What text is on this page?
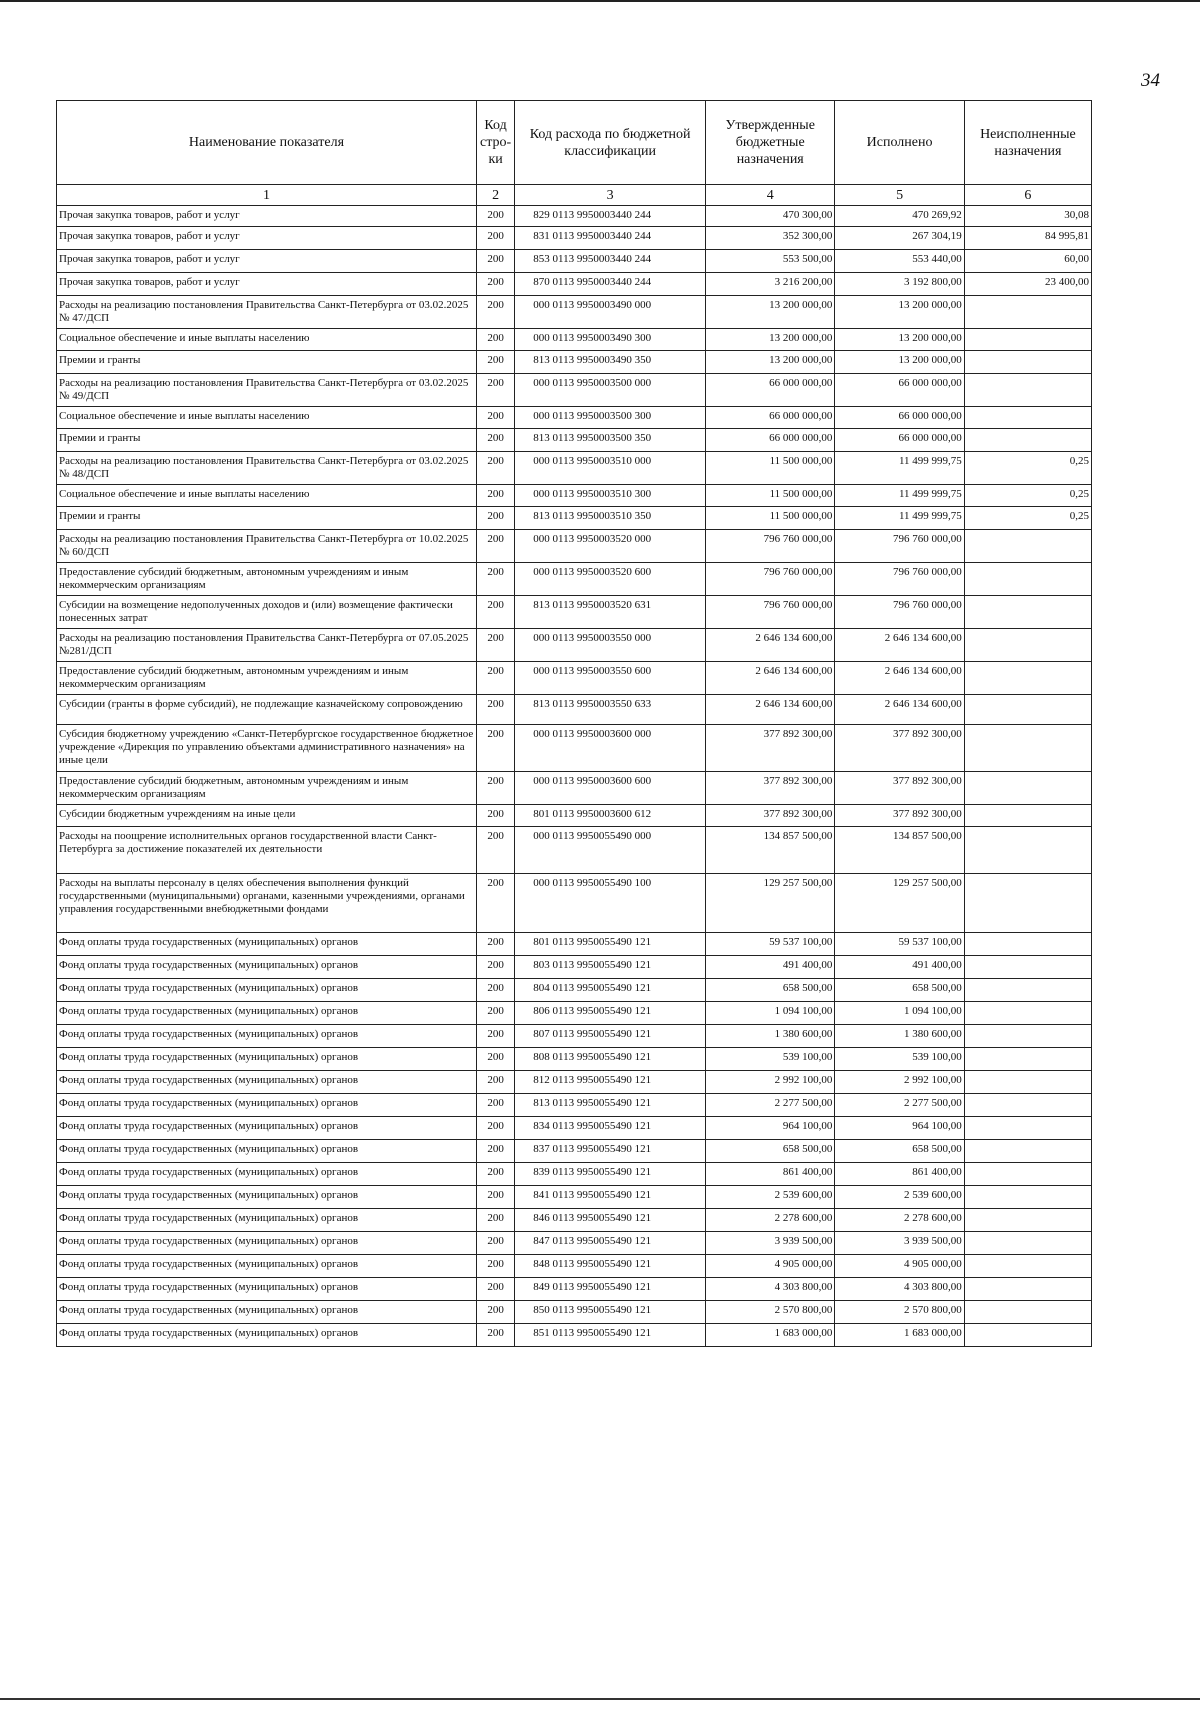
34
Наименование показателя	Код стро-ки	Код расхода по бюджетной классификации	Утвержденные бюджетные назначения	Исполнено	Неисполненные назначения
1	2	3	4	5	6
Прочая закупка товаров, работ и услуг	200	829 0113 9950003440 244	470 300,00	470 269,92	30,08
Прочая закупка товаров, работ и услуг	200	831 0113 9950003440 244	352 300,00	267 304,19	84 995,81
Прочая закупка товаров, работ и услуг	200	853 0113 9950003440 244	553 500,00	553 440,00	60,00
Прочая закупка товаров, работ и услуг	200	870 0113 9950003440 244	3 216 200,00	3 192 800,00	23 400,00
Расходы на реализацию постановления Правительства Санкт-Петербурга от 03.02.2025 № 47/ДСП	200	000 0113 9950003490 000	13 200 000,00	13 200 000,00	
Социальное обеспечение и иные выплаты населению	200	000 0113 9950003490 300	13 200 000,00	13 200 000,00	
Премии и гранты	200	813 0113 9950003490 350	13 200 000,00	13 200 000,00	
Расходы на реализацию постановления Правительства Санкт-Петербурга от 03.02.2025 № 49/ДСП	200	000 0113 9950003500 000	66 000 000,00	66 000 000,00	
Социальное обеспечение и иные выплаты населению	200	000 0113 9950003500 300	66 000 000,00	66 000 000,00	
Премии и гранты	200	813 0113 9950003500 350	66 000 000,00	66 000 000,00	
Расходы на реализацию постановления Правительства Санкт-Петербурга от 03.02.2025 № 48/ДСП	200	000 0113 9950003510 000	11 500 000,00	11 499 999,75	0,25
Социальное обеспечение и иные выплаты населению	200	000 0113 9950003510 300	11 500 000,00	11 499 999,75	0,25
Премии и гранты	200	813 0113 9950003510 350	11 500 000,00	11 499 999,75	0,25
Расходы на реализацию постановления Правительства Санкт-Петербурга от 10.02.2025 № 60/ДСП	200	000 0113 9950003520 000	796 760 000,00	796 760 000,00	
Предоставление субсидий бюджетным, автономным учреждениям и иным некоммерческим организациям	200	000 0113 9950003520 600	796 760 000,00	796 760 000,00	
Субсидии на возмещение недополученных доходов и (или) возмещение фактически понесенных затрат	200	813 0113 9950003520 631	796 760 000,00	796 760 000,00	
Расходы на реализацию постановления Правительства Санкт-Петербурга от 07.05.2025 №281/ДСП	200	000 0113 9950003550 000	2 646 134 600,00	2 646 134 600,00	
Предоставление субсидий бюджетным, автономным учреждениям и иным некоммерческим организациям	200	000 0113 9950003550 600	2 646 134 600,00	2 646 134 600,00	
Субсидии (гранты в форме субсидий), не подлежащие казначейскому сопровождению	200	813 0113 9950003550 633	2 646 134 600,00	2 646 134 600,00	
Субсидия бюджетному учреждению «Санкт-Петербургское государственное бюджетное учреждение «Дирекция по управлению объектами административного назначения» на иные цели	200	000 0113 9950003600 000	377 892 300,00	377 892 300,00	
Предоставление субсидий бюджетным, автономным учреждениям и иным некоммерческим организациям	200	000 0113 9950003600 600	377 892 300,00	377 892 300,00	
Субсидии бюджетным учреждениям на иные цели	200	801 0113 9950003600 612	377 892 300,00	377 892 300,00	
Расходы на поощрение исполнительных органов государственной власти Санкт-Петербурга за достижение показателей их деятельности	200	000 0113 9950055490 000	134 857 500,00	134 857 500,00	
Расходы на выплаты персоналу в целях обеспечения выполнения функций государственными (муниципальными) органами, казенными учреждениями, органами управления государственными внебюджетными фондами	200	000 0113 9950055490 100	129 257 500,00	129 257 500,00	
Фонд оплаты труда государственных (муниципальных) органов	200	801 0113 9950055490 121	59 537 100,00	59 537 100,00	
Фонд оплаты труда государственных (муниципальных) органов	200	803 0113 9950055490 121	491 400,00	491 400,00	
Фонд оплаты труда государственных (муниципальных) органов	200	804 0113 9950055490 121	658 500,00	658 500,00	
Фонд оплаты труда государственных (муниципальных) органов	200	806 0113 9950055490 121	1 094 100,00	1 094 100,00	
Фонд оплаты труда государственных (муниципальных) органов	200	807 0113 9950055490 121	1 380 600,00	1 380 600,00	
Фонд оплаты труда государственных (муниципальных) органов	200	808 0113 9950055490 121	539 100,00	539 100,00	
Фонд оплаты труда государственных (муниципальных) органов	200	812 0113 9950055490 121	2 992 100,00	2 992 100,00	
Фонд оплаты труда государственных (муниципальных) органов	200	813 0113 9950055490 121	2 277 500,00	2 277 500,00	
Фонд оплаты труда государственных (муниципальных) органов	200	834 0113 9950055490 121	964 100,00	964 100,00	
Фонд оплаты труда государственных (муниципальных) органов	200	837 0113 9950055490 121	658 500,00	658 500,00	
Фонд оплаты труда государственных (муниципальных) органов	200	839 0113 9950055490 121	861 400,00	861 400,00	
Фонд оплаты труда государственных (муниципальных) органов	200	841 0113 9950055490 121	2 539 600,00	2 539 600,00	
Фонд оплаты труда государственных (муниципальных) органов	200	846 0113 9950055490 121	2 278 600,00	2 278 600,00	
Фонд оплаты труда государственных (муниципальных) органов	200	847 0113 9950055490 121	3 939 500,00	3 939 500,00	
Фонд оплаты труда государственных (муниципальных) органов	200	848 0113 9950055490 121	4 905 000,00	4 905 000,00	
Фонд оплаты труда государственных (муниципальных) органов	200	849 0113 9950055490 121	4 303 800,00	4 303 800,00	
Фонд оплаты труда государственных (муниципальных) органов	200	850 0113 9950055490 121	2 570 800,00	2 570 800,00	
Фонд оплаты труда государственных (муниципальных) органов	200	851 0113 9950055490 121	1 683 000,00	1 683 000,00	
